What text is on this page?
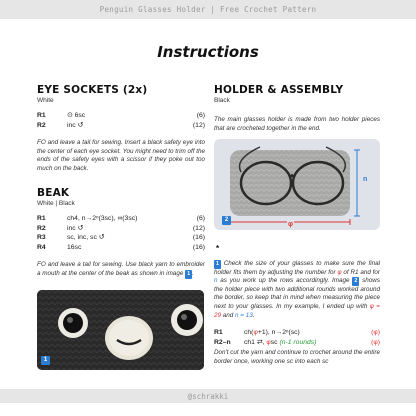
Penguin Glasses Holder | Free Crochet Pattern
Instructions
EYE SOCKETS (2x)
White
R1	⊙ 6sc	(6)
R2	inc ↺	(12)

FO and leave a tail for sewing. Insert a black safety eye into the center of each eye socket. You might need to trim off the ends of the safety eyes with a scissor if they poke out too much on the back.

BEAK
White | Black
R1	ch4, n→2ⁿ(3sc), ∞(3sc)	(6)
R2	inc ↺	(12)
R3	sc, inc, sc ↺	(16)
R4	16sc	(16)

FO and leave a tail for sewing. Use black yarn to embroider a mouth at the center of the beak as shown in image 1 .

1
HOLDER & ASSEMBLY
Black

The main glasses holder is made from two holder pieces that are crocheted together in the end.

n
φ
2
*

1 Check the size of your glasses to make sure the final holder fits them by adjusting the number for φ of R1 and for n as you work up the rows accordingly. Image 2 shows the holder piece with two additional rounds worked around the border, so keep that in mind when measuring the piece next to your glasses. In my example, I ended up with φ = 29 and n = 13.

R1	ch(φ+1), n→2ⁿ(sc)	(φ)
R2–n	ch1 ⇄, φsc (n-1 rounds)	(φ)

Don't cut the yarn and continue to crochet around the entire border once, working one sc into each sc

@schrakki
